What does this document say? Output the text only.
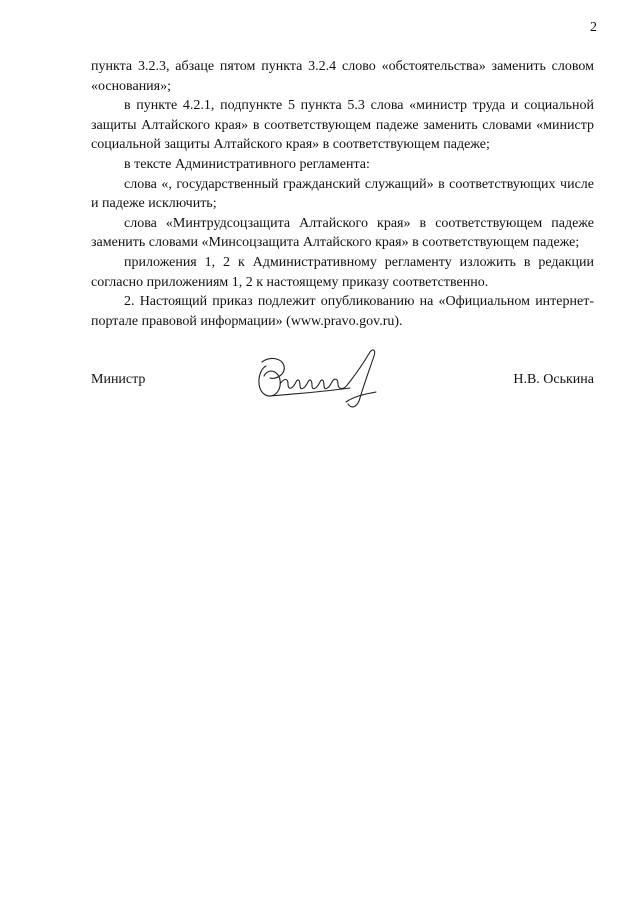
2

пункта 3.2.3, абзаце пятом пункта 3.2.4 слово «обстоятельства» заменить словом «основания»;

в пункте 4.2.1, подпункте 5 пункта 5.3 слова «министр труда и социальной защиты Алтайского края» в соответствующем падеже заменить словами «министр социальной защиты Алтайского края» в соответствующем падеже;

в тексте Административного регламента:

слова «, государственный гражданский служащий» в соответствующих числе и падеже исключить;

слова «Минтрудсоцзащита Алтайского края» в соответствующем падеже заменить словами «Минсоцзащита Алтайского края» в соответствующем падеже;

приложения 1, 2 к Административному регламенту изложить в редакции согласно приложениям 1, 2 к настоящему приказу соответственно.

2. Настоящий приказ подлежит опубликованию на «Официальном интернет-портале правовой информации» (www.pravo.gov.ru).

Министр	Н.В. Оськина
